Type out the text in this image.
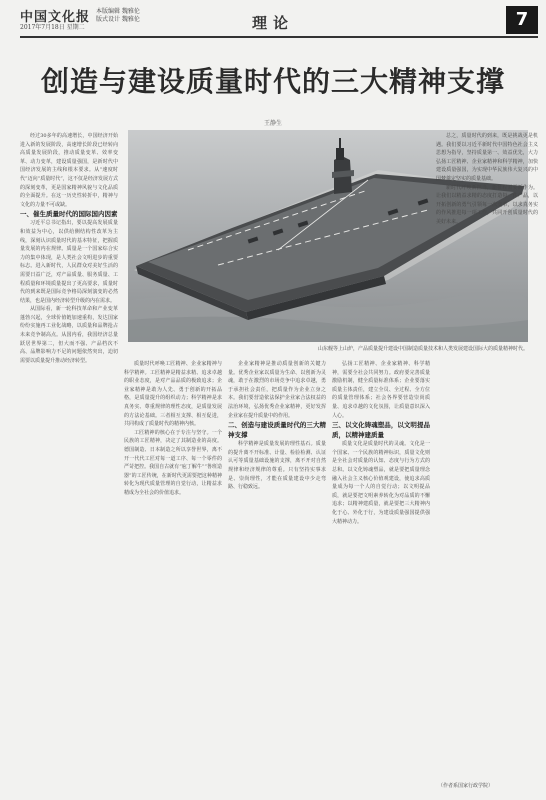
中国文化报
2017年7月18日 星期二
本版编辑 魏雅伦
版式设计 魏雅伦	理论	7
创造与建设质量时代的三大精神支撑
王静生
山东舰等上山炉，产品质量提升建设中国制造质量技术和人类发展建设国际大的质量精神时代。

经过30多年的高速增长，中国经济开始进入新的发展阶段，高速增长阶段已经转向高质量发展阶段，推动质量变革、效率变革、动力变革，建设质量强国，是新时代中国经济发展的主线和根本要求。从“速度时代”迈向“质量时代”，这不仅是经济发展方式的深刻变革，更是国家精神风貌与文化品质的全面提升。在这一历史性转折中，精神与文化的力量不可或缺。

一、催生质量时代的国际国内因素

习近平总书记指出，要以提高发展质量和效益为中心，以供给侧结构性改革为主线，深刻认识质量时代的基本特征，把握质量发展的内在规律。质量是一个国家综合实力的集中体现，是人类社会文明进步的重要标志。进入新时代，人民群众对美好生活的需要日益广泛，对产品质量、服务质量、工程质量和环境质量提出了更高要求，质量时代的到来既是国际竞争格局深刻演变的必然结果，也是国内经济转型升级的内在需求。

从国际看，新一轮科技革命和产业变革蓬勃兴起，全球价值链加速重构，发达国家纷纷实施再工业化战略，以质量和品牌抢占未来竞争制高点。从国内看，我国经济总量跃居世界第二，但大而不强、产品档次不高、品牌影响力不足的问题依然突出，迫切需要以质量提升推动经济转型。

质量时代呼唤工匠精神、企业家精神与科学精神。工匠精神是精益求精、追求卓越的职业态度，是对产品品质的极致追求；企业家精神是敢为人先、勇于创新的开拓品格，是质量提升的组织动力；科学精神是求真务实、尊重规律的理性态度，是质量发展的方法论基础。三者相互支撑、相互促进，共同构成了质量时代的精神内核。

工匠精神的核心在于专注与坚守。一个民族的工匠精神，决定了其制造业的高度。德国制造、日本制造之所以享誉世界，离不开一代代工匠对每一道工序、每一个零件的严苛把控。我国自古就有“庖丁解牛”“鲁班造器”的工匠传统，在新时代更需要把这种精神转化为现代质量管理的自觉行动，让精益求精成为全社会的价值追求。

企业家精神是推动质量创新的关键力量。优秀企业家以质量为生命、以创新为灵魂，敢于在激烈的市场竞争中追求卓越，勇于承担社会责任，把质量作为企业立身之本。我们要营造依法保护企业家合法权益的法治环境，弘扬优秀企业家精神，更好发挥企业家在提升质量中的作用。

二、创造与建设质量时代的三大精神支撑

科学精神是质量发展的理性基石。质量的提升离不开标准、计量、检验检测、认证认可等质量基础设施的支撑，离不开对自然规律和经济规律的尊重。只有坚持实事求是、崇尚理性，才能在质量建设中少走弯路、行稳致远。

弘扬工匠精神、企业家精神、科学精神，需要全社会共同努力。政府要完善质量激励机制，健全质量标准体系；企业要落实质量主体责任，建立全员、全过程、全方位的质量管理体系；社会各界要营造崇尚质量、追求卓越的文化氛围，让质量意识深入人心。

三、以文化铸魂塑品，以文明提品质，以精神建质量

质量文化是质量时代的灵魂。文化是一个国家、一个民族的精神标识，质量文化则是全社会对质量的认知、态度与行为方式的总和。以文化铸魂塑品，就是要把质量理念融入社会主义核心价值观建设，使追求高质量成为每一个人的自觉行动；以文明提品质，就是要把文明素养转化为对品质的不懈追求；以精神建质量，就是要把三大精神内化于心、外化于行，为建设质量强国提供强大精神动力。

总之，质量时代的到来，既是挑战更是机遇。我们要以习近平新时代中国特色社会主义思想为指导，坚持质量第一、效益优先，大力弘扬工匠精神、企业家精神和科学精神，加快建设质量强国，为实现中华民族伟大复兴的中国梦奠定坚实的质量基础。

新时代呼唤新担当，新征程需要新作为。让我们以精益求精的态度打造每一件产品，以开拓创新的勇气引领每一次变革，以求真务实的作风推进每一项工作，共同开创质量时代的美好未来。

（作者系国家行政学院）
